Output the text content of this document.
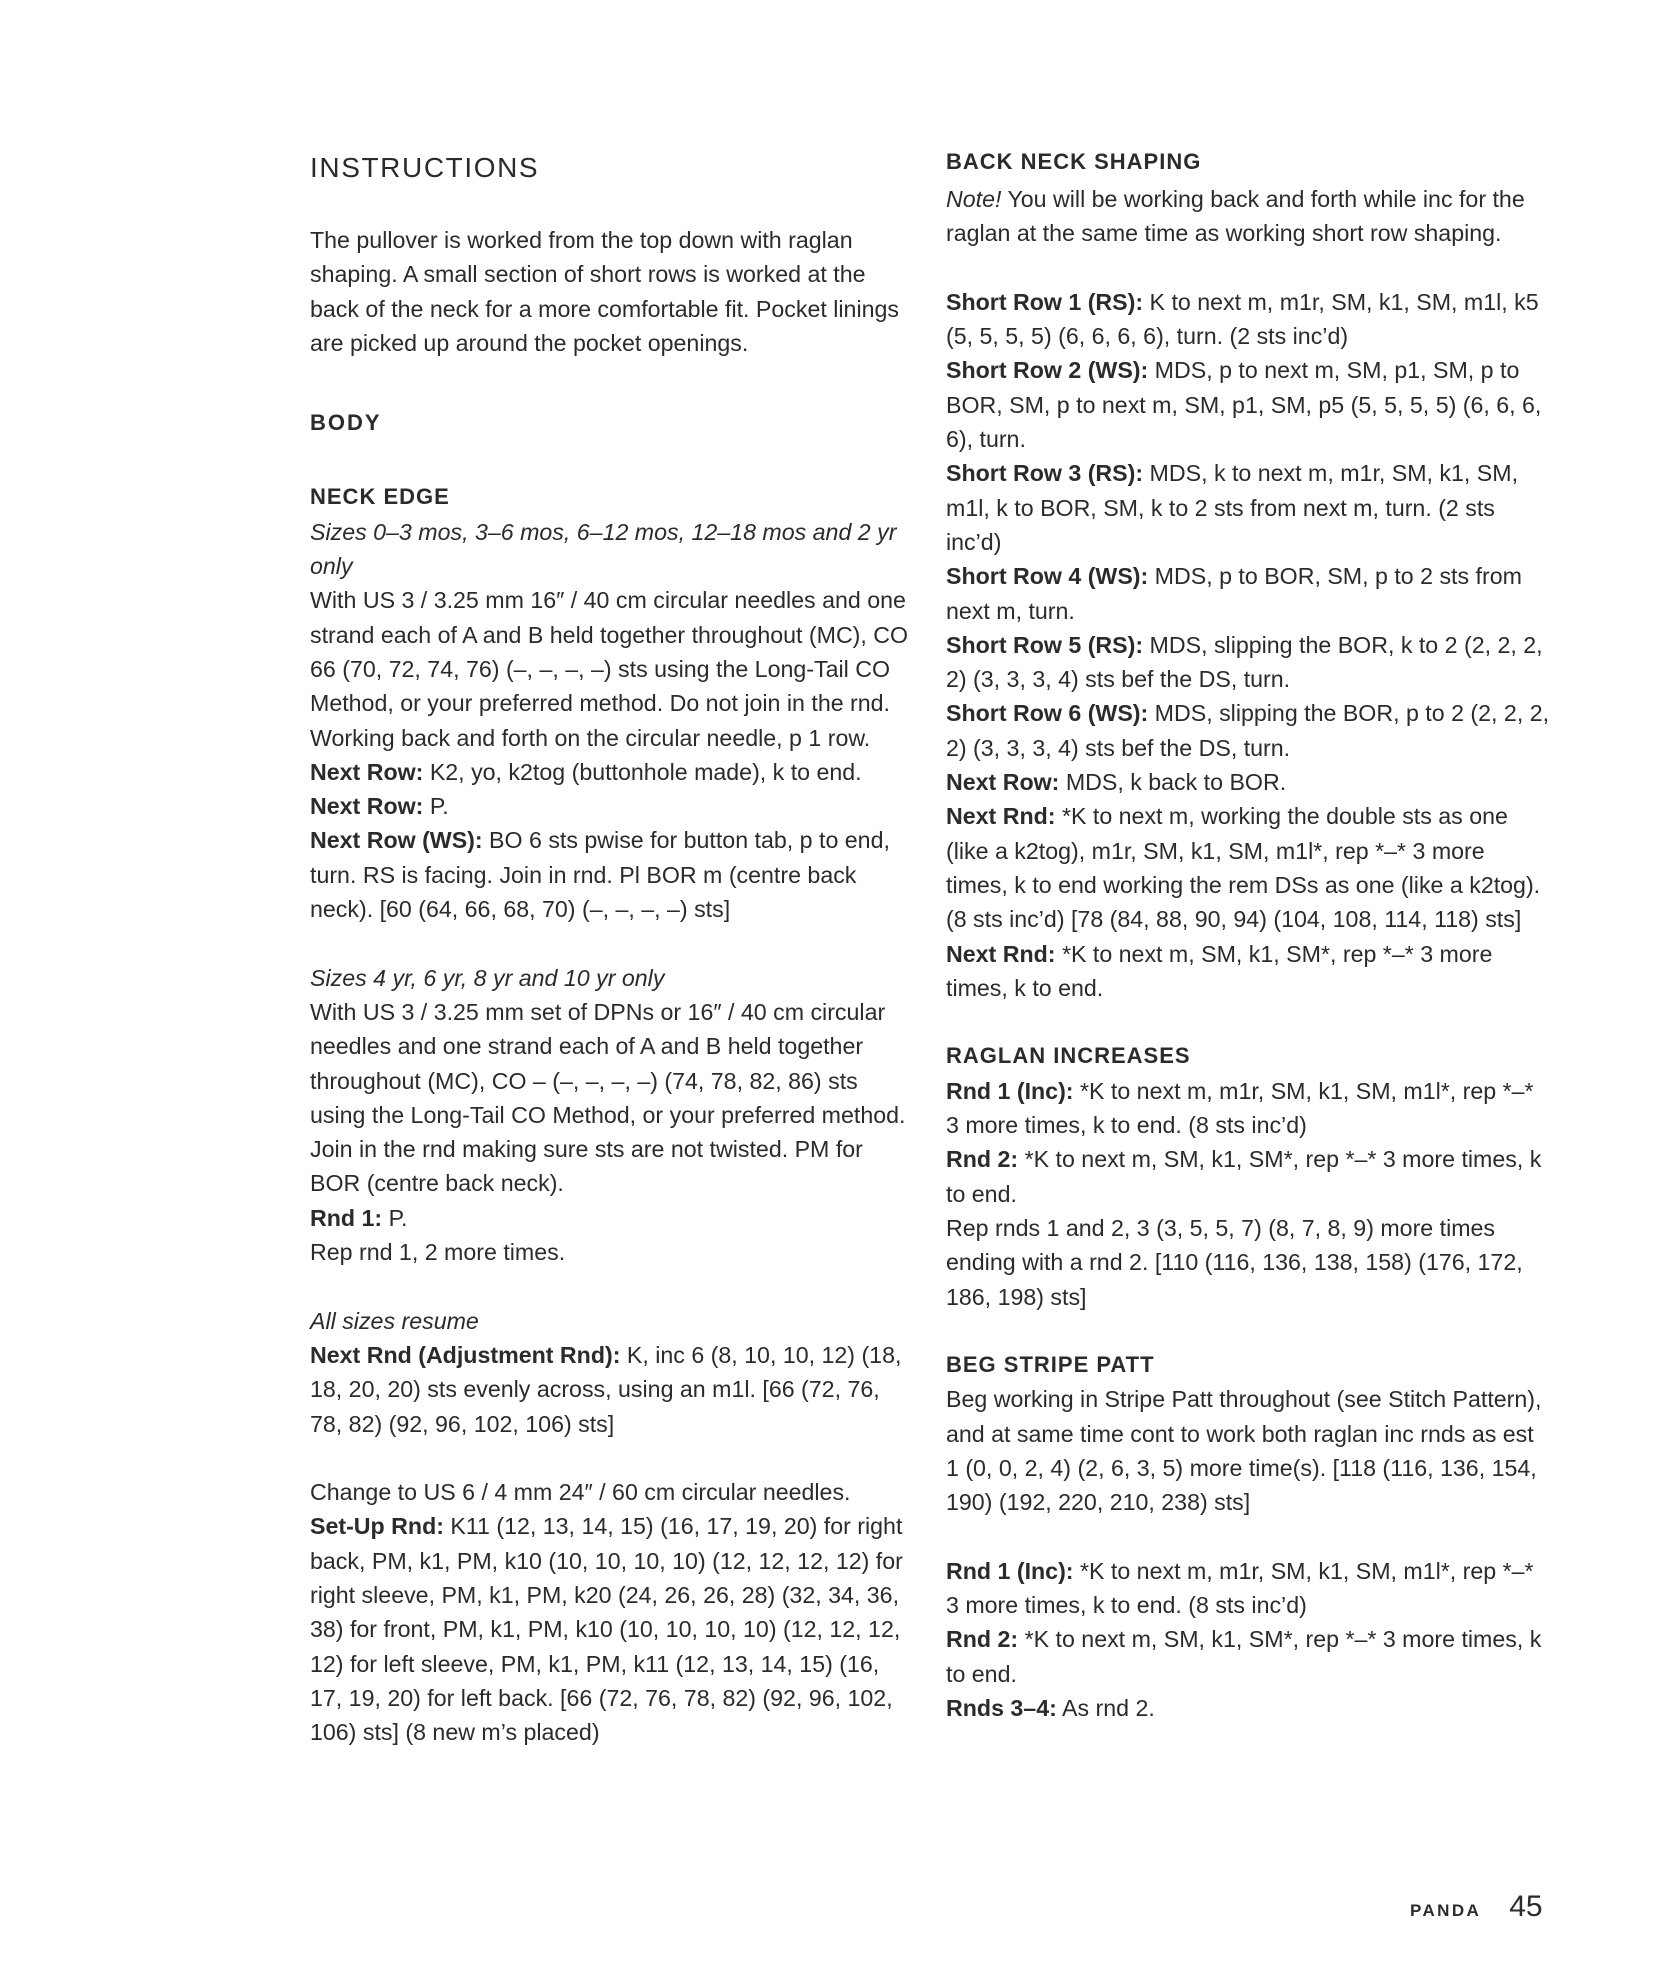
INSTRUCTIONS

The pullover is worked from the top down with raglan shaping. A small section of short rows is worked at the back of the neck for a more comfortable fit. Pocket linings are picked up around the pocket openings.

BODY
NECK EDGE

Sizes 0–3 mos, 3–6 mos, 6–12 mos, 12–18 mos and 2 yr only

With US 3 / 3.25 mm 16″ / 40 cm circular needles and one strand each of A and B held together throughout (MC), CO 66 (70, 72, 74, 76) (–, –, –, –) sts using the Long-Tail CO Method, or your preferred method. Do not join in the rnd.

Working back and forth on the circular needle, p 1 row.

Next Row: K2, yo, k2tog (buttonhole made), k to end.

Next Row: P.

Next Row (WS): BO 6 sts pwise for button tab, p to end, turn. RS is facing. Join in rnd. Pl BOR m (centre back neck). [60 (64, 66, 68, 70) (–, –, –, –) sts]

Sizes 4 yr, 6 yr, 8 yr and 10 yr only

With US 3 / 3.25 mm set of DPNs or 16″ / 40 cm circular needles and one strand each of A and B held together throughout (MC), CO – (–, –, –, –) (74, 78, 82, 86) sts using the Long-Tail CO Method, or your preferred method. Join in the rnd making sure sts are not twisted. PM for BOR (centre back neck).

Rnd 1: P.

Rep rnd 1, 2 more times.

All sizes resume

Next Rnd (Adjustment Rnd): K, inc 6 (8, 10, 10, 12) (18, 18, 20, 20) sts evenly across, using an m1l. [66 (72, 76, 78, 82) (92, 96, 102, 106) sts]

Change to US 6 / 4 mm 24″ / 60 cm circular needles.

Set-Up Rnd: K11 (12, 13, 14, 15) (16, 17, 19, 20) for right back, PM, k1, PM, k10 (10, 10, 10, 10) (12, 12, 12, 12) for right sleeve, PM, k1, PM, k20 (24, 26, 26, 28) (32, 34, 36, 38) for front, PM, k1, PM, k10 (10, 10, 10, 10) (12, 12, 12, 12) for left sleeve, PM, k1, PM, k11 (12, 13, 14, 15) (16, 17, 19, 20) for left back. [66 (72, 76, 78, 82) (92, 96, 102, 106) sts] (8 new m’s placed)

BACK NECK SHAPING

Note! You will be working back and forth while inc for the raglan at the same time as working short row shaping.

Short Row 1 (RS): K to next m, m1r, SM, k1, SM, m1l, k5 (5, 5, 5, 5) (6, 6, 6, 6), turn. (2 sts inc’d)

Short Row 2 (WS): MDS, p to next m, SM, p1, SM, p to BOR, SM, p to next m, SM, p1, SM, p5 (5, 5, 5, 5) (6, 6, 6, 6), turn.

Short Row 3 (RS): MDS, k to next m, m1r, SM, k1, SM, m1l, k to BOR, SM, k to 2 sts from next m, turn. (2 sts inc’d)

Short Row 4 (WS): MDS, p to BOR, SM, p to 2 sts from next m, turn.

Short Row 5 (RS): MDS, slipping the BOR, k to 2 (2, 2, 2, 2) (3, 3, 3, 4) sts bef the DS, turn.

Short Row 6 (WS): MDS, slipping the BOR, p to 2 (2, 2, 2, 2) (3, 3, 3, 4) sts bef the DS, turn.

Next Row: MDS, k back to BOR.

Next Rnd: *K to next m, working the double sts as one (like a k2tog), m1r, SM, k1, SM, m1l*, rep *–* 3 more times, k to end working the rem DSs as one (like a k2tog). (8 sts inc’d) [78 (84, 88, 90, 94) (104, 108, 114, 118) sts]

Next Rnd: *K to next m, SM, k1, SM*, rep *–* 3 more times, k to end.

RAGLAN INCREASES

Rnd 1 (Inc): *K to next m, m1r, SM, k1, SM, m1l*, rep *–* 3 more times, k to end. (8 sts inc’d)

Rnd 2: *K to next m, SM, k1, SM*, rep *–* 3 more times, k to end.

Rep rnds 1 and 2, 3 (3, 5, 5, 7) (8, 7, 8, 9) more times ending with a rnd 2. [110 (116, 136, 138, 158) (176, 172, 186, 198) sts]

BEG STRIPE PATT

Beg working in Stripe Patt throughout (see Stitch Pattern), and at same time cont to work both raglan inc rnds as est 1 (0, 0, 2, 4) (2, 6, 3, 5) more time(s). [118 (116, 136, 154, 190) (192, 220, 210, 238) sts]

Rnd 1 (Inc): *K to next m, m1r, SM, k1, SM, m1l*, rep *–* 3 more times, k to end. (8 sts inc’d)

Rnd 2: *K to next m, SM, k1, SM*, rep *–* 3 more times, k to end.

Rnds 3–4: As rnd 2.

PANDA 45
